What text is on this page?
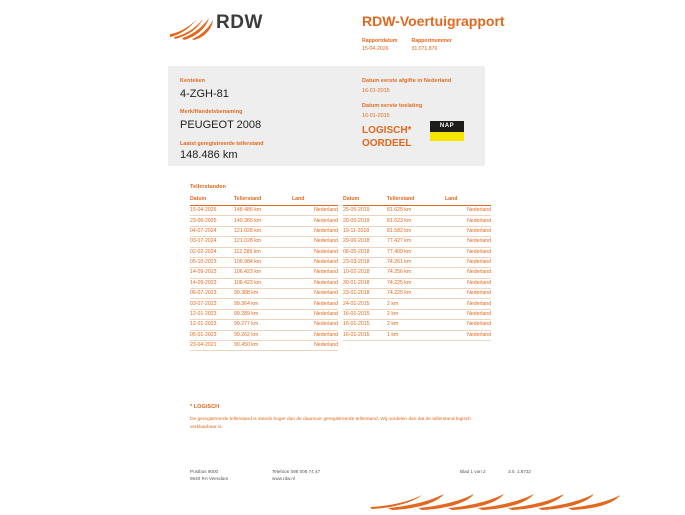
RDW	RDW-Voertuigrapport
Rapportdatum
15-04-2026

Rapportnummer
31.071.876
Kenteken
4-ZGH-81
Merk/Handelsbenaming
PEUGEOT 2008
Laatst geregistreerde tellerstand
148.486 km
Datum eerste afgifte in Nederland
16-01-2015
Datum eerste toelating
16-01-2015
LOGISCH*
OORDEEL
NAP ✓
Tellerstanden
Datum	Tellerstand	Land
15-04-2026	148.486 km	Nederland
23-06-2025	140.365 km	Nederland
04-07-2024	121.028 km	Nederland
03-07-2024	121.028 km	Nederland
02-02-2024	112.289 km	Nederland
05-10-2023	106.984 km	Nederland
14-09-2023	106.423 km	Nederland
14-09-2023	106.423 km	Nederland
06-07-2023	99.388 km	Nederland
03-07-2023	99.364 km	Nederland
12-01-2023	99.289 km	Nederland
12-01-2023	99.277 km	Nederland
05-01-2023	99.262 km	Nederland
23-04-2021	90.450 km	Nederland
Datum	Tellerstand	Land
25-05-2019	81.625 km	Nederland
20-05-2019	81.623 km	Nederland
19-11-2018	81.582 km	Nederland
29-06-2018	77.427 km	Nederland
08-05-2018	77.409 km	Nederland
23-03-2018	74.261 km	Nederland
10-02-2018	74.256 km	Nederland
30-01-2018	74.225 km	Nederland
23-01-2018	74.225 km	Nederland
24-01-2015	2 km	Nederland
16-01-2015	2 km	Nederland
16-01-2015	2 km	Nederland
16-01-2015	1 km	Nederland
* LOGISCH
De geregistreerde tellerstand is steeds hoger dan de daarvoor geregistreerde tellerstand. Wij oordelen dan dat de tellerstand logisch verklaarbaar is.
Postbus 9000
9640 RA Veendam
Telefoon 088 008 74 47
www.rdw.nl
Blad 1 van 2	3.0. 1.8732
